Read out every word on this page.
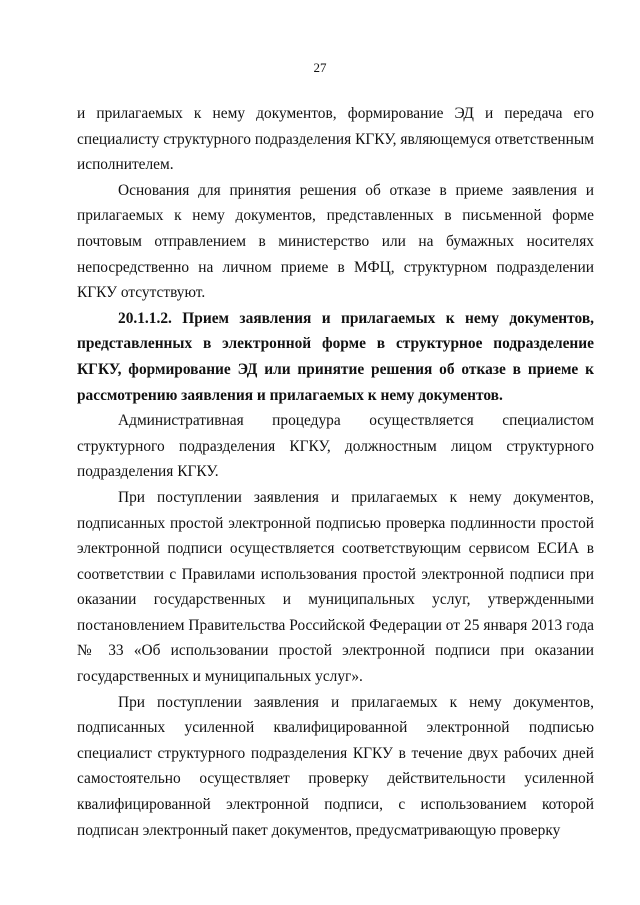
27

и прилагаемых к нему документов, формирование ЭД и передача его специалисту структурного подразделения КГКУ, являющемуся ответственным исполнителем.

Основания для принятия решения об отказе в приеме заявления и прилагаемых к нему документов, представленных в письменной форме почтовым отправлением в министерство или на бумажных носителях непосредственно на личном приеме в МФЦ, структурном подразделении КГКУ отсутствуют.

20.1.1.2. Прием заявления и прилагаемых к нему документов, представленных в электронной форме в структурное подразделение КГКУ, формирование ЭД или принятие решения об отказе в приеме к рассмотрению заявления и прилагаемых к нему документов.

Административная процедура осуществляется специалистом структурного подразделения КГКУ, должностным лицом структурного подразделения КГКУ.

При поступлении заявления и прилагаемых к нему документов, подписанных простой электронной подписью проверка подлинности простой электронной подписи осуществляется соответствующим сервисом ЕСИА в соответствии с Правилами использования простой электронной подписи при оказании государственных и муниципальных услуг, утвержденными постановлением Правительства Российской Федерации от 25 января 2013 года № 33 «Об использовании простой электронной подписи при оказании государственных и муниципальных услуг».

При поступлении заявления и прилагаемых к нему документов, подписанных усиленной квалифицированной электронной подписью специалист структурного подразделения КГКУ в течение двух рабочих дней самостоятельно осуществляет проверку действительности усиленной квалифицированной электронной подписи, с использованием которой подписан электронный пакет документов, предусматривающую проверку
